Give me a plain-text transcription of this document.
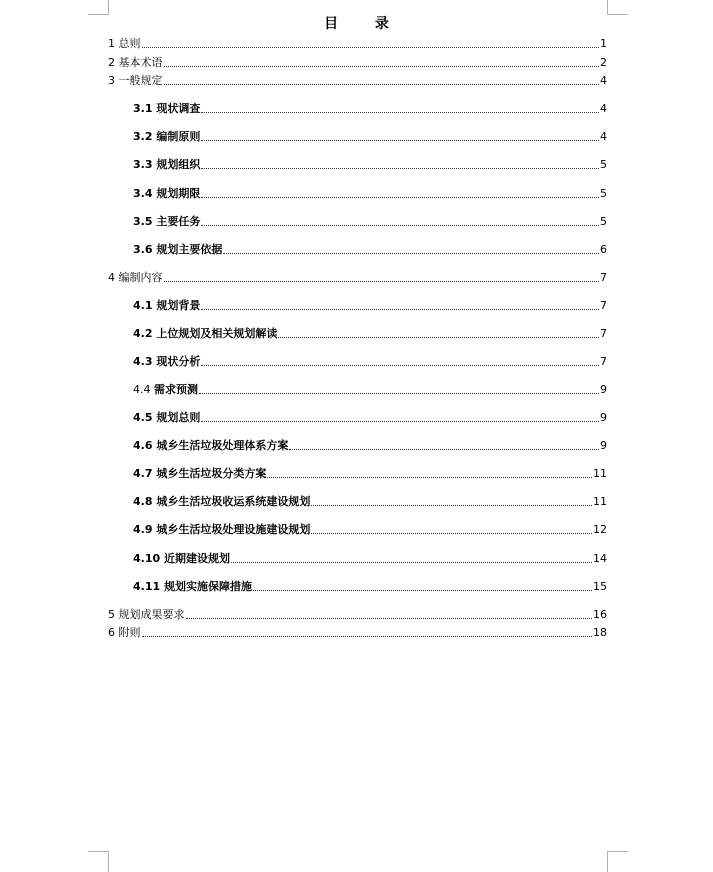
目 录
1 总则	1
2 基本术语	2
3 一般规定	4
3.1 现状调查	4
3.2 编制原则	4
3.3 规划组织	5
3.4 规划期限	5
3.5 主要任务	5
3.6 规划主要依据	6
4 编制内容	7
4.1 规划背景	7
4.2 上位规划及相关规划解读	7
4.3 现状分析	7
4.4 需求预测	9
4.5 规划总则	9
4.6 城乡生活垃圾处理体系方案	9
4.7 城乡生活垃圾分类方案	11
4.8 城乡生活垃圾收运系统建设规划	11
4.9 城乡生活垃圾处理设施建设规划	12
4.10 近期建设规划	14
4.11 规划实施保障措施	15
5 规划成果要求	16
6 附则	18
